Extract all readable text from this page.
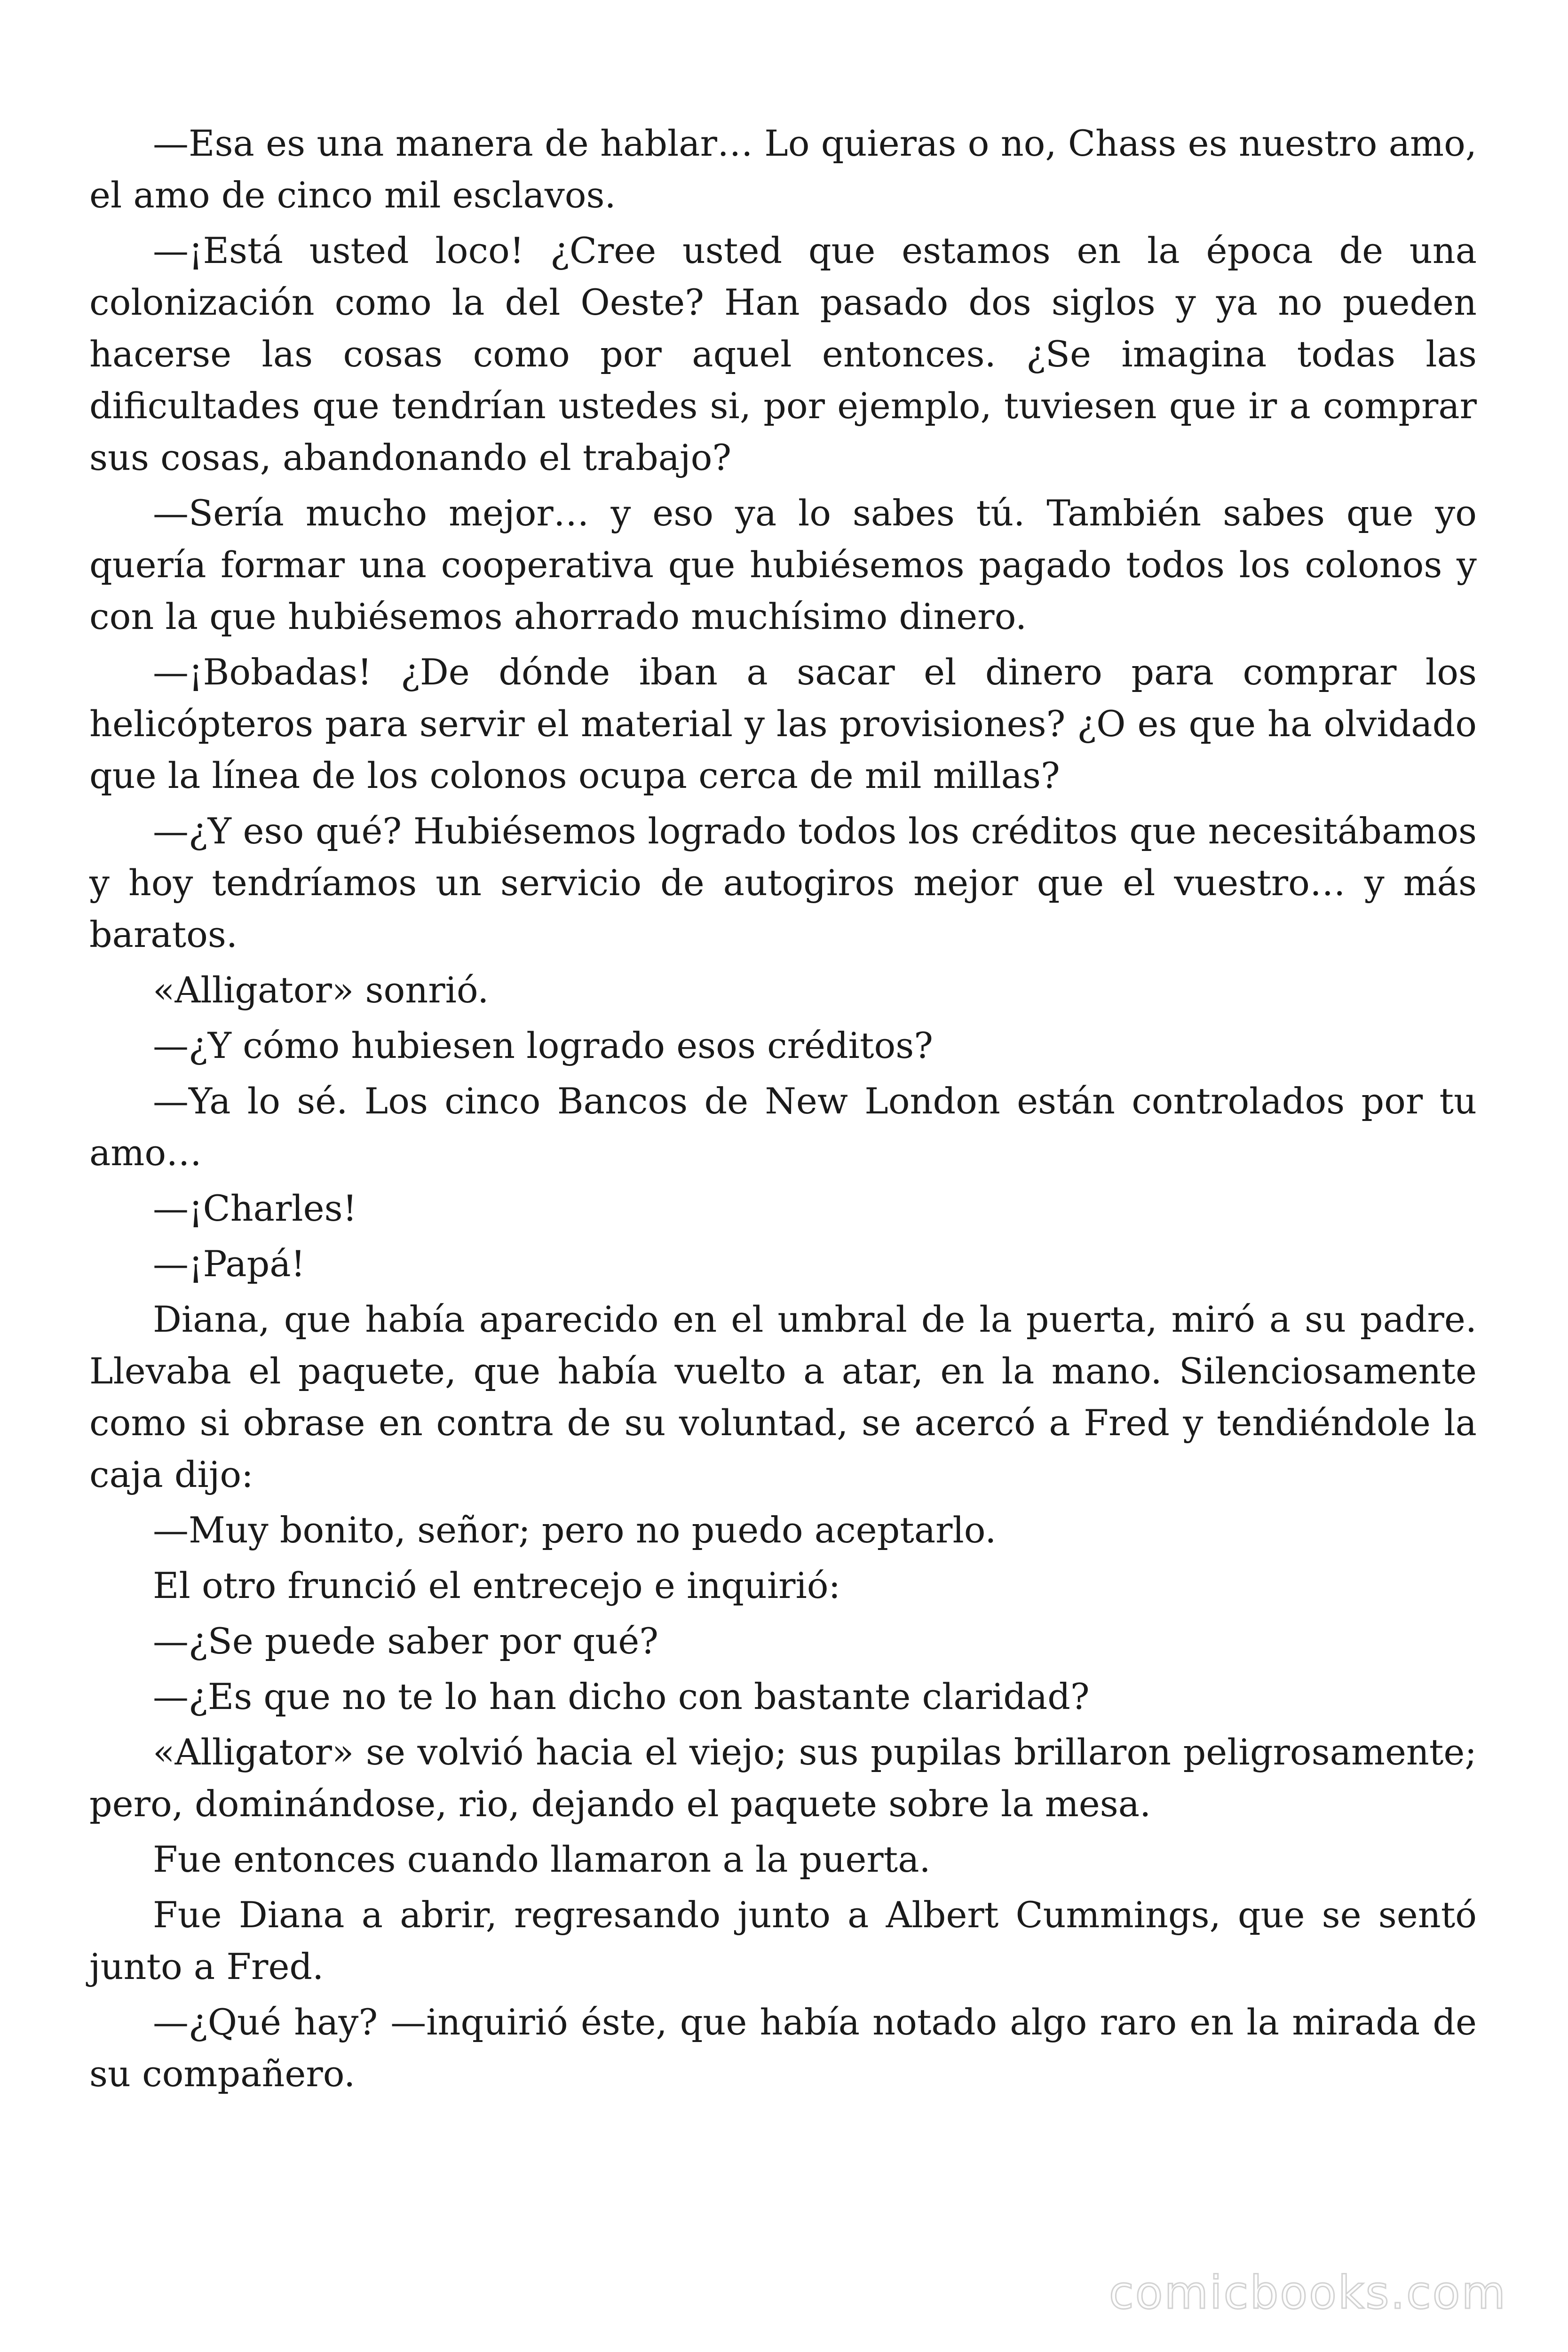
—Esa es una manera de hablar… Lo quieras o no, Chass es nuestro amo, el amo de cinco mil esclavos.

—¡Está usted loco! ¿Cree usted que estamos en la época de una colonización como la del Oeste? Han pasado dos siglos y ya no pueden hacerse las cosas como por aquel entonces. ¿Se imagina todas las dificultades que tendrían ustedes si, por ejemplo, tuviesen que ir a comprar sus cosas, abandonando el trabajo?

—Sería mucho mejor… y eso ya lo sabes tú. También sabes que yo quería formar una cooperativa que hubiésemos pagado todos los colonos y con la que hubiésemos ahorrado muchísimo dinero.

—¡Bobadas! ¿De dónde iban a sacar el dinero para comprar los helicópteros para servir el material y las provisiones? ¿O es que ha olvidado que la línea de los colonos ocupa cerca de mil millas?

—¿Y eso qué? Hubiésemos logrado todos los créditos que necesitábamos y hoy tendríamos un servicio de autogiros mejor que el vuestro… y más baratos.

«Alligator» sonrió.

—¿Y cómo hubiesen logrado esos créditos?

—Ya lo sé. Los cinco Bancos de New London están controlados por tu amo…

—¡Charles!

—¡Papá!

Diana, que había aparecido en el umbral de la puerta, miró a su padre. Llevaba el paquete, que había vuelto a atar, en la mano. Silenciosamente como si obrase en contra de su voluntad, se acercó a Fred y tendiéndole la caja dijo:

—Muy bonito, señor; pero no puedo aceptarlo.

El otro frunció el entrecejo e inquirió:

—¿Se puede saber por qué?

—¿Es que no te lo han dicho con bastante claridad?

«Alligator» se volvió hacia el viejo; sus pupilas brillaron peligrosamente; pero, dominándose, rio, dejando el paquete sobre la mesa.

Fue entonces cuando llamaron a la puerta.

Fue Diana a abrir, regresando junto a Albert Cummings, que se sentó junto a Fred.

—¿Qué hay? —inquirió éste, que había notado algo raro en la mirada de su compañero.

comicbooks.com
